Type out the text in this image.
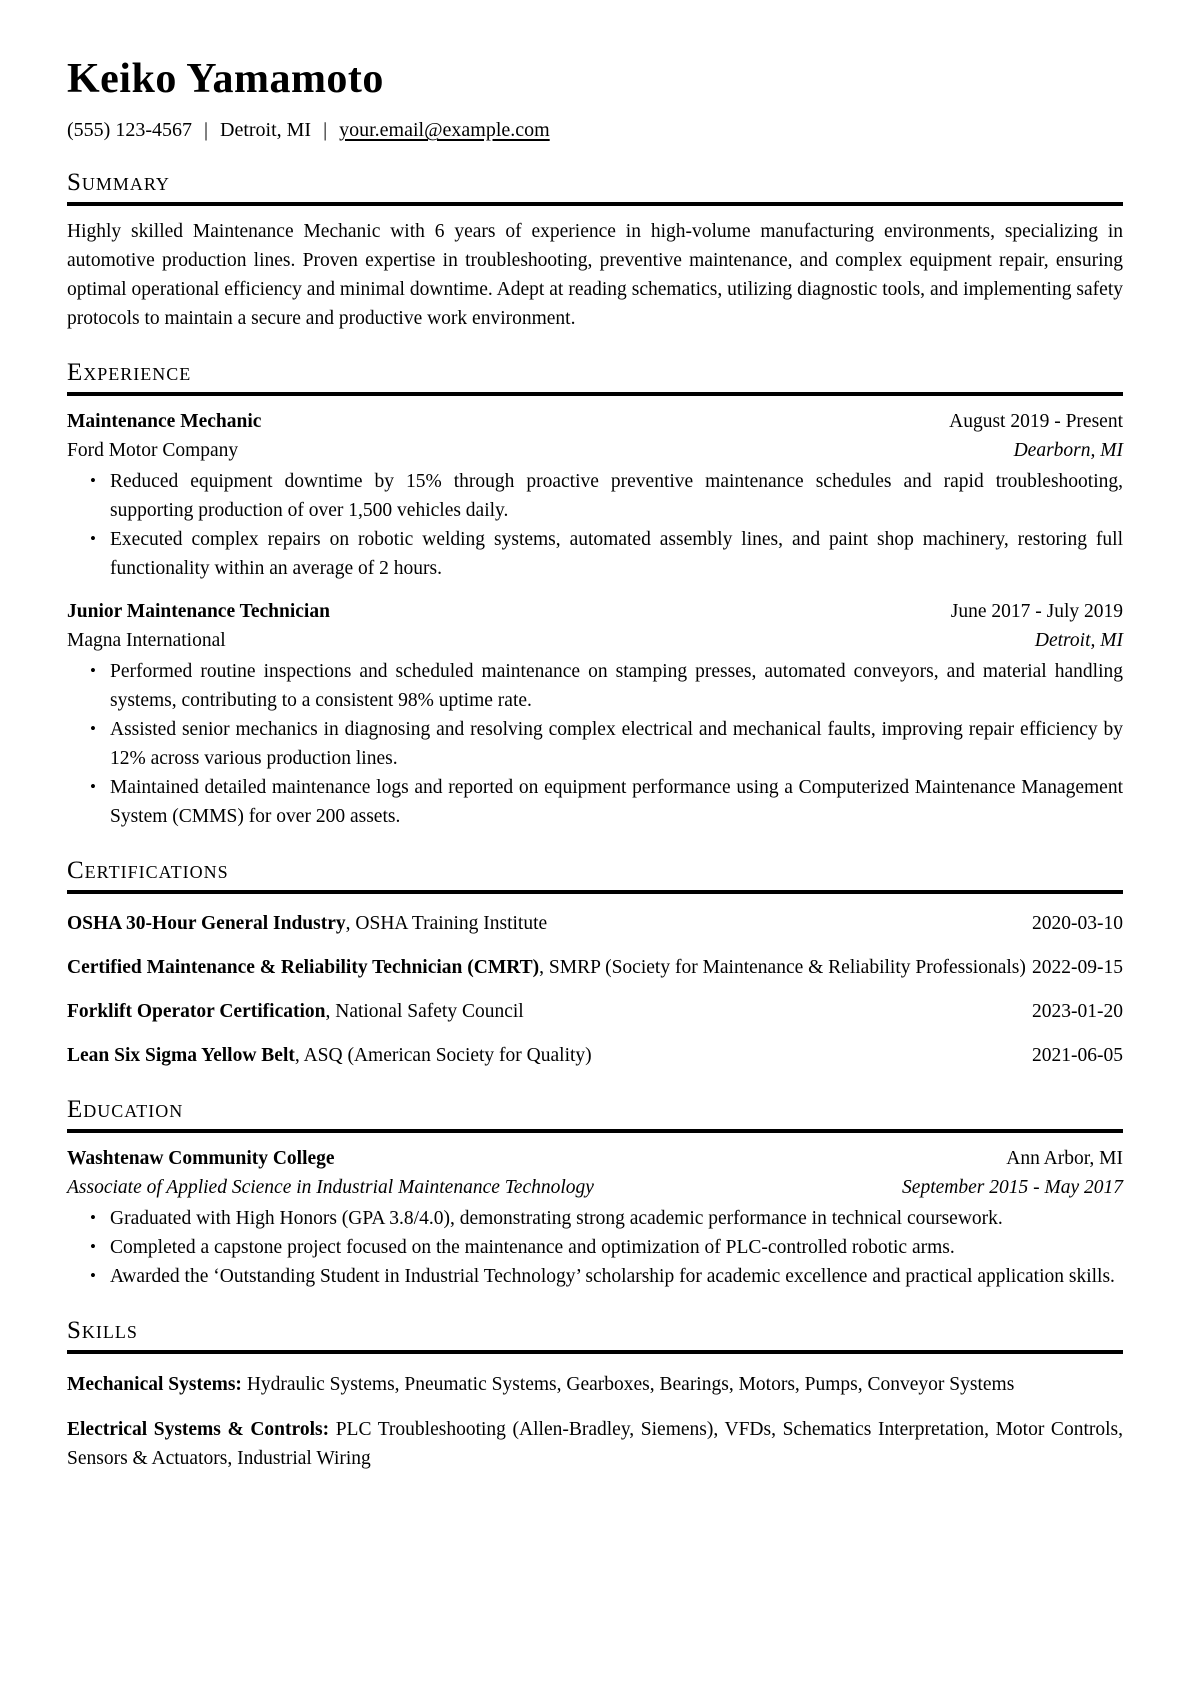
Keiko Yamamoto
(555) 123-4567 | Detroit, MI | your.email@example.com
Summary

Highly skilled Maintenance Mechanic with 6 years of experience in high-volume manufacturing environments, specializing in automotive production lines. Proven expertise in troubleshooting, preventive maintenance, and complex equipment repair, ensuring optimal operational efficiency and minimal downtime. Adept at reading schematics, utilizing diagnostic tools, and implementing safety protocols to maintain a secure and productive work environment.

Experience
Maintenance Mechanic	August 2019 - Present
Ford Motor Company	Dearborn, MI
• Reduced equipment downtime by 15% through proactive preventive maintenance schedules and rapid troubleshooting, supporting production of over 1,500 vehicles daily.
• Executed complex repairs on robotic welding systems, automated assembly lines, and paint shop machinery, restoring full functionality within an average of 2 hours.
Junior Maintenance Technician	June 2017 - July 2019
Magna International	Detroit, MI
• Performed routine inspections and scheduled maintenance on stamping presses, automated conveyors, and material handling systems, contributing to a consistent 98% uptime rate.
• Assisted senior mechanics in diagnosing and resolving complex electrical and mechanical faults, improving repair efficiency by 12% across various production lines.
• Maintained detailed maintenance logs and reported on equipment performance using a Computerized Maintenance Management System (CMMS) for over 200 assets.
Certifications
OSHA 30-Hour General Industry, OSHA Training Institute	2020-03-10
Certified Maintenance & Reliability Technician (CMRT), SMRP (Society for Maintenance & Reliability Professionals) 2022-09-15
Forklift Operator Certification, National Safety Council	2023-01-20
Lean Six Sigma Yellow Belt, ASQ (American Society for Quality)	2021-06-05
Education
Washtenaw Community College	Ann Arbor, MI
Associate of Applied Science in Industrial Maintenance Technology	September 2015 - May 2017
• Graduated with High Honors (GPA 3.8/4.0), demonstrating strong academic performance in technical coursework.
• Completed a capstone project focused on the maintenance and optimization of PLC-controlled robotic arms.
• Awarded the ‘Outstanding Student in Industrial Technology’ scholarship for academic excellence and practical application skills.
Skills

Mechanical Systems: Hydraulic Systems, Pneumatic Systems, Gearboxes, Bearings, Motors, Pumps, Conveyor Systems

Electrical Systems & Controls: PLC Troubleshooting (Allen-Bradley, Siemens), VFDs, Schematics Interpretation, Motor Controls, Sensors & Actuators, Industrial Wiring
